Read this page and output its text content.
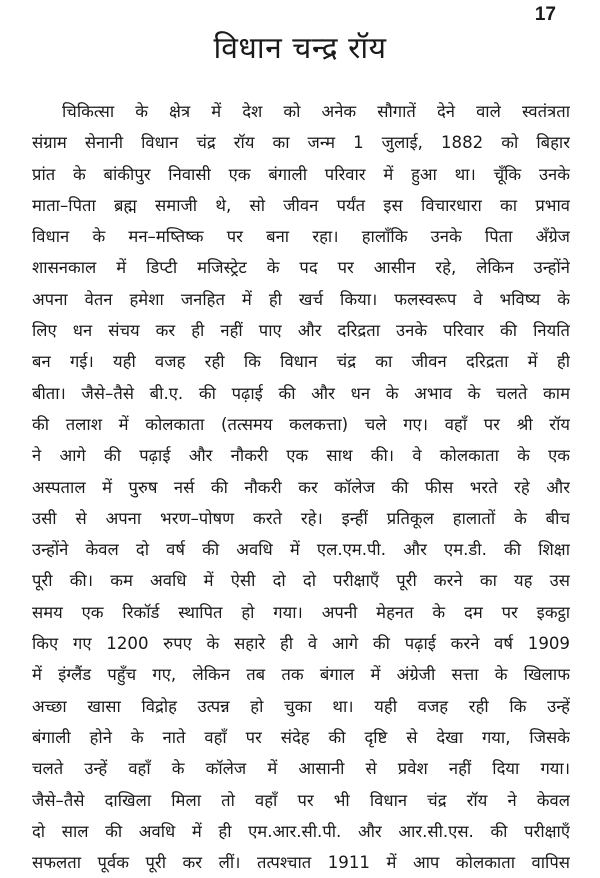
17
विधान चन्द्र रॉय
चिकित्सा के क्षेत्र में देश को अनेक सौगातें देने वाले स्वतंत्रता
संग्राम सेनानी विधान चंद्र रॉय का जन्म 1 जुलाई, 1882 को बिहार
प्रांत के बांकीपुर निवासी एक बंगाली परिवार में हुआ था। चूँकि उनके
माता–पिता ब्रह्म समाजी थे, सो जीवन पर्यंत इस विचारधारा का प्रभाव
विधान के मन–मष्तिष्क पर बना रहा। हालाँकि उनके पिता अँग्रेज
शासनकाल में डिप्टी मजिस्ट्रेट के पद पर आसीन रहे, लेकिन उन्होंने
अपना वेतन हमेशा जनहित में ही खर्च किया। फलस्वरूप वे भविष्य के
लिए धन संचय कर ही नहीं पाए और दरिद्रता उनके परिवार की नियति
बन गई। यही वजह रही कि विधान चंद्र का जीवन दरिद्रता में ही
बीता। जैसे–तैसे बी.ए. की पढ़ाई की और धन के अभाव के चलते काम
की तलाश में कोलकाता (तत्समय कलकत्ता) चले गए। वहाँ पर श्री रॉय
ने आगे की पढ़ाई और नौकरी एक साथ की। वे कोलकाता के एक
अस्पताल में पुरुष नर्स की नौकरी कर कॉलेज की फीस भरते रहे और
उसी से अपना भरण–पोषण करते रहे। इन्हीं प्रतिकूल हालातों के बीच
उन्होंने केवल दो वर्ष की अवधि में एल.एम.पी. और एम.डी. की शिक्षा
पूरी की। कम अवधि में ऐसी दो दो परीक्षाएँ पूरी करने का यह उस
समय एक रिकॉर्ड स्थापित हो गया। अपनी मेहनत के दम पर इकट्ठा
किए गए 1200 रुपए के सहारे ही वे आगे की पढ़ाई करने वर्ष 1909
में इंग्लैंड पहुँच गए, लेकिन तब तक बंगाल में अंग्रेजी सत्ता के खिलाफ
अच्छा खासा विद्रोह उत्पन्न हो चुका था। यही वजह रही कि उन्हें
बंगाली होने के नाते वहाँ पर संदेह की दृष्टि से देखा गया, जिसके
चलते उन्हें वहाँ के कॉलेज में आसानी से प्रवेश नहीं दिया गया।
जैसे–तैसे दाखिला मिला तो वहाँ पर भी विधान चंद्र रॉय ने केवल
दो साल की अवधि में ही एम.आर.सी.पी. और आर.सी.एस. की परीक्षाएँ
सफलता पूर्वक पूरी कर लीं। तत्पश्चात 1911 में आप कोलकाता वापिस
